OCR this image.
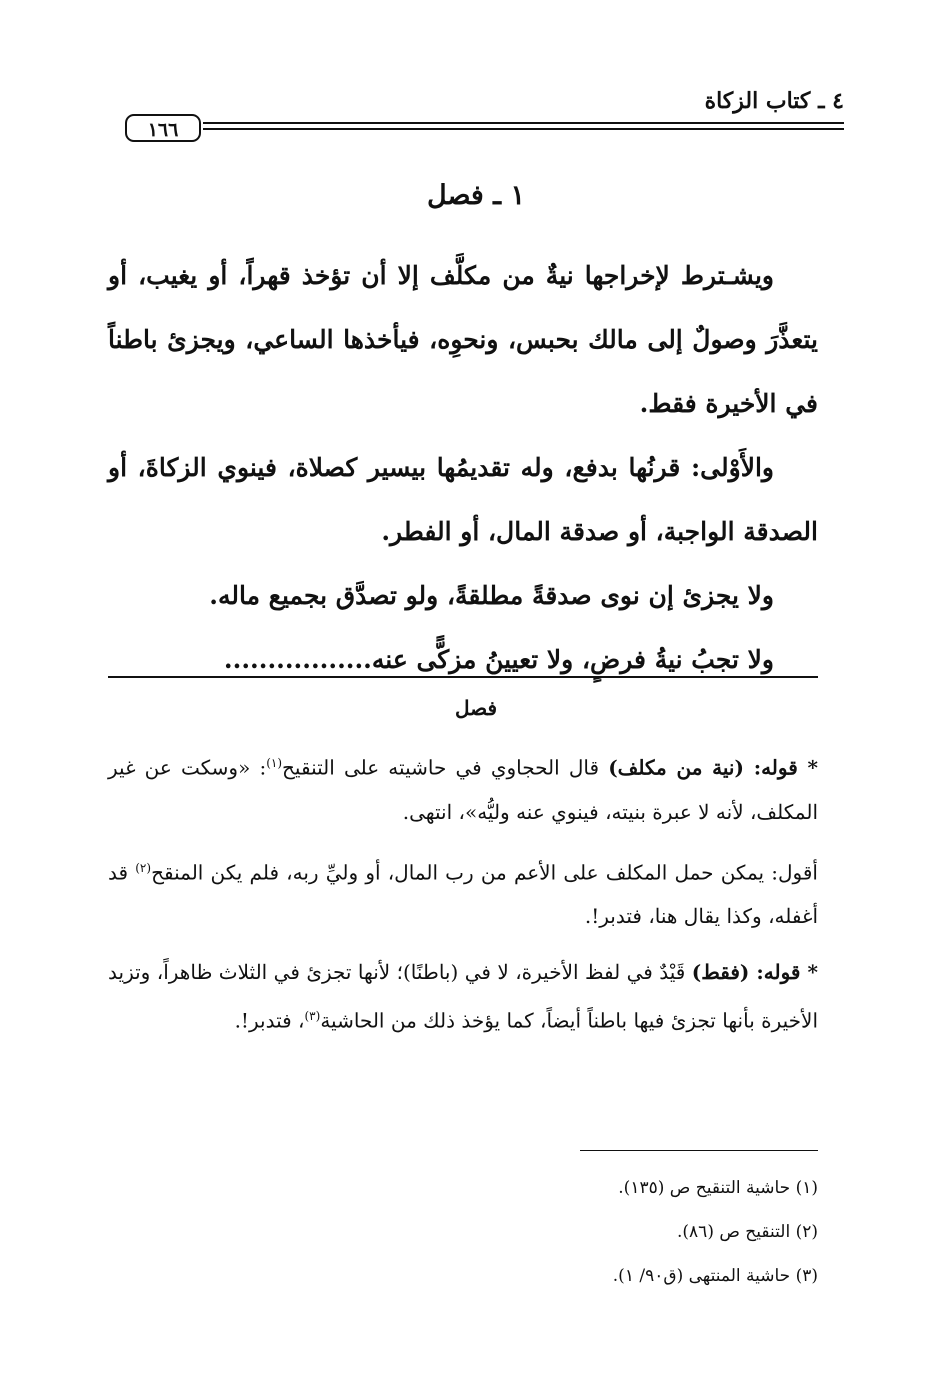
٤ ـ كتاب الزكاة
١٦٦
١ ـ فصل

ويشـترط لإخراجها نيةٌ من مكلَّف إلا أن تؤخذ قهراً، أو يغيب، أو يتعذَّرَ وصولٌ إلى مالك بحبس، ونحوِه، فيأخذها الساعي، ويجزئ باطناً في الأخيرة فقط.

والأَوْلى: قرنُها بدفع، وله تقديمُها بيسير كصلاة، فينوي الزكاةَ، أو الصدقة الواجبة، أو صدقة المال، أو الفطر.

ولا يجزئ إن نوى صدقةً مطلقةً، ولو تصدَّق بجميع ماله.

ولا تجبُ نيةُ فرضٍ، ولا تعيينُ مزكًّى عنه.................

فصل

* قوله: (نية من مكلف) قال الحجاوي في حاشيته على التنقيح$^{(١)}$: «وسكت عن غير المكلف، لأنه لا عبرة بنيته، فينوي عنه وليُّه»، انتهى.

أقول: يمكن حمل المكلف على الأعم من رب المال، أو وليِّ ربه، فلم يكن المنقح$^{(٢)}$ قد أغفله، وكذا يقال هنا، فتدبر!.

* قوله: (فقط) قَيْدٌ في لفظ الأخيرة، لا في (باطنًا)؛ لأنها تجزئ في الثلاث ظاهراً، وتزيد الأخيرة بأنها تجزئ فيها باطناً أيضاً، كما يؤخذ ذلك من الحاشية$^{(٣)}$، فتدبر!.

(١) حاشية التنقيح ص (١٣٥).
(٢) التنقيح ص (٨٦).
(٣) حاشية المنتهى (ق٩٠/ ١).
